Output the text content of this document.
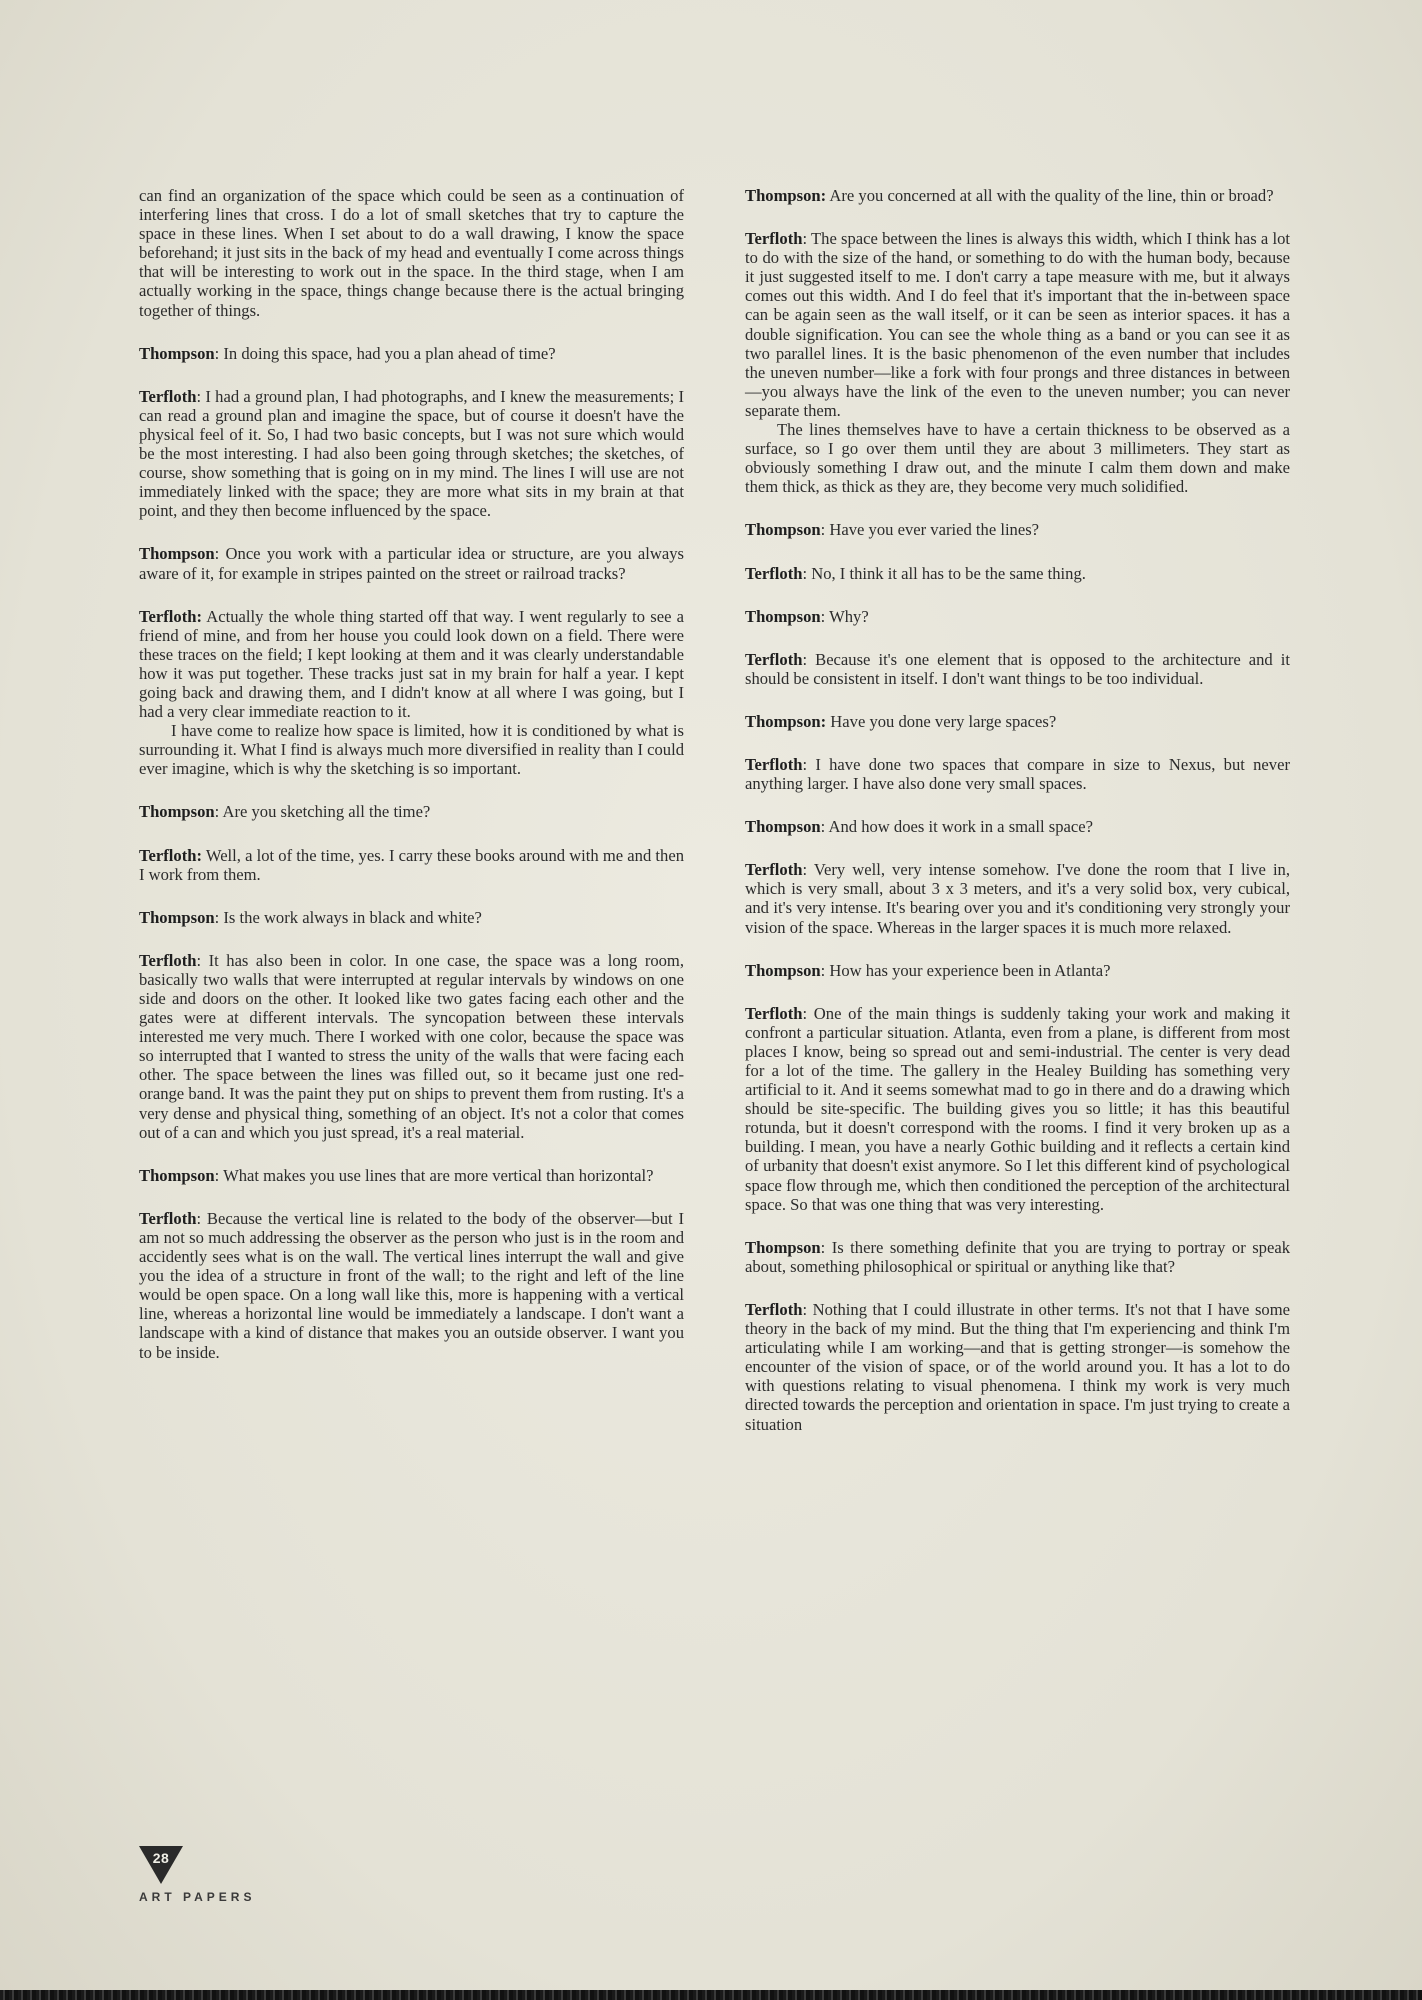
can find an organization of the space which could be seen as a continuation of interfering lines that cross. I do a lot of small sketches that try to capture the space in these lines. When I set about to do a wall drawing, I know the space beforehand; it just sits in the back of my head and eventually I come across things that will be interesting to work out in the space. In the third stage, when I am actually working in the space, things change because there is the actual bringing together of things.

Thompson: In doing this space, had you a plan ahead of time?

Terfloth: I had a ground plan, I had photographs, and I knew the measurements; I can read a ground plan and imagine the space, but of course it doesn't have the physical feel of it. So, I had two basic concepts, but I was not sure which would be the most interesting. I had also been going through sketches; the sketches, of course, show something that is going on in my mind. The lines I will use are not immediately linked with the space; they are more what sits in my brain at that point, and they then become influenced by the space.

Thompson: Once you work with a particular idea or structure, are you always aware of it, for example in stripes painted on the street or railroad tracks?

Terfloth: Actually the whole thing started off that way. I went regularly to see a friend of mine, and from her house you could look down on a field. There were these traces on the field; I kept looking at them and it was clearly understandable how it was put together. These tracks just sat in my brain for half a year. I kept going back and drawing them, and I didn't know at all where I was going, but I had a very clear immediate reaction to it.

I have come to realize how space is limited, how it is conditioned by what is surrounding it. What I find is always much more diversified in reality than I could ever imagine, which is why the sketching is so important.

Thompson: Are you sketching all the time?

Terfloth: Well, a lot of the time, yes. I carry these books around with me and then I work from them.

Thompson: Is the work always in black and white?

Terfloth: It has also been in color. In one case, the space was a long room, basically two walls that were interrupted at regular intervals by windows on one side and doors on the other. It looked like two gates facing each other and the gates were at different intervals. The syncopation between these intervals interested me very much. There I worked with one color, because the space was so interrupted that I wanted to stress the unity of the walls that were facing each other. The space between the lines was filled out, so it became just one red-orange band. It was the paint they put on ships to prevent them from rusting. It's a very dense and physical thing, something of an object. It's not a color that comes out of a can and which you just spread, it's a real material.

Thompson: What makes you use lines that are more vertical than horizontal?

Terfloth: Because the vertical line is related to the body of the observer—but I am not so much addressing the observer as the person who just is in the room and accidently sees what is on the wall. The vertical lines interrupt the wall and give you the idea of a structure in front of the wall; to the right and left of the line would be open space. On a long wall like this, more is happening with a vertical line, whereas a horizontal line would be immediately a landscape. I don't want a landscape with a kind of distance that makes you an outside observer. I want you to be inside.

Thompson: Are you concerned at all with the quality of the line, thin or broad?

Terfloth: The space between the lines is always this width, which I think has a lot to do with the size of the hand, or something to do with the human body, because it just suggested itself to me. I don't carry a tape measure with me, but it always comes out this width. And I do feel that it's important that the in-between space can be again seen as the wall itself, or it can be seen as interior spaces. it has a double signification. You can see the whole thing as a band or you can see it as two parallel lines. It is the basic phenomenon of the even number that includes the uneven number—like a fork with four prongs and three distances in between—you always have the link of the even to the uneven number; you can never separate them.

The lines themselves have to have a certain thickness to be observed as a surface, so I go over them until they are about 3 millimeters. They start as obviously something I draw out, and the minute I calm them down and make them thick, as thick as they are, they become very much solidified.

Thompson: Have you ever varied the lines?

Terfloth: No, I think it all has to be the same thing.

Thompson: Why?

Terfloth: Because it's one element that is opposed to the architecture and it should be consistent in itself. I don't want things to be too individual.

Thompson: Have you done very large spaces?

Terfloth: I have done two spaces that compare in size to Nexus, but never anything larger. I have also done very small spaces.

Thompson: And how does it work in a small space?

Terfloth: Very well, very intense somehow. I've done the room that I live in, which is very small, about 3 x 3 meters, and it's a very solid box, very cubical, and it's very intense. It's bearing over you and it's conditioning very strongly your vision of the space. Whereas in the larger spaces it is much more relaxed.

Thompson: How has your experience been in Atlanta?

Terfloth: One of the main things is suddenly taking your work and making it confront a particular situation. Atlanta, even from a plane, is different from most places I know, being so spread out and semi-industrial. The center is very dead for a lot of the time. The gallery in the Healey Building has something very artificial to it. And it seems somewhat mad to go in there and do a drawing which should be site-specific. The building gives you so little; it has this beautiful rotunda, but it doesn't correspond with the rooms. I find it very broken up as a building. I mean, you have a nearly Gothic building and it reflects a certain kind of urbanity that doesn't exist anymore. So I let this different kind of psychological space flow through me, which then conditioned the perception of the architectural space. So that was one thing that was very interesting.

Thompson: Is there something definite that you are trying to portray or speak about, something philosophical or spiritual or anything like that?

Terfloth: Nothing that I could illustrate in other terms. It's not that I have some theory in the back of my mind. But the thing that I'm experiencing and think I'm articulating while I am working—and that is getting stronger—is somehow the encounter of the vision of space, or of the world around you. It has a lot to do with questions relating to visual phenomena. I think my work is very much directed towards the perception and orientation in space. I'm just trying to create a situation

28
ART PAPERS
